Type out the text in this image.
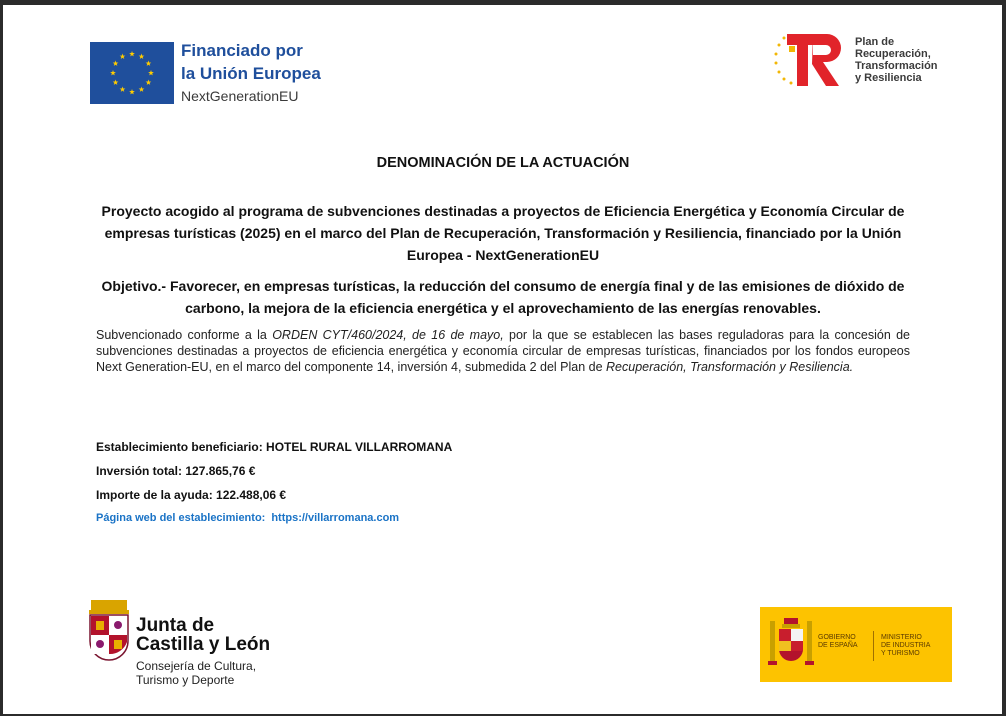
Financiado por
la Unión Europea
NextGenerationEU
Plan de
Recuperación,
Transformación
y Resiliencia
DENOMINACIÓN DE LA ACTUACIÓN
Proyecto acogido al programa de subvenciones destinadas a proyectos de Eficiencia Energética y Economía Circular de empresas turísticas (2025) en el marco del Plan de Recuperación, Transformación y Resiliencia, financiado por la Unión Europea - NextGenerationEU
Objetivo.- Favorecer, en empresas turísticas, la reducción del consumo de energía final y de las emisiones de dióxido de carbono, la mejora de la eficiencia energética y el aprovechamiento de las energías renovables.
Subvencionado conforme a la ORDEN CYT/460/2024, de 16 de mayo, por la que se establecen las bases reguladoras para la concesión de subvenciones destinadas a proyectos de eficiencia energética y economía circular de empresas turísticas, financiados por los fondos europeos Next Generation-EU, en el marco del componente 14, inversión 4, submedida 2 del Plan de Recuperación, Transformación y Resiliencia.
Establecimiento beneficiario: HOTEL RURAL VILLARROMANA
Inversión total: 127.865,76 €
Importe de la ayuda: 122.488,06 €
Página web del establecimiento: https://villarromana.com
Junta de
Castilla y León
Consejería de Cultura,
Turismo y Deporte
GOBIERNO
DE ESPAÑA
MINISTERIO
DE INDUSTRIA
Y TURISMO
